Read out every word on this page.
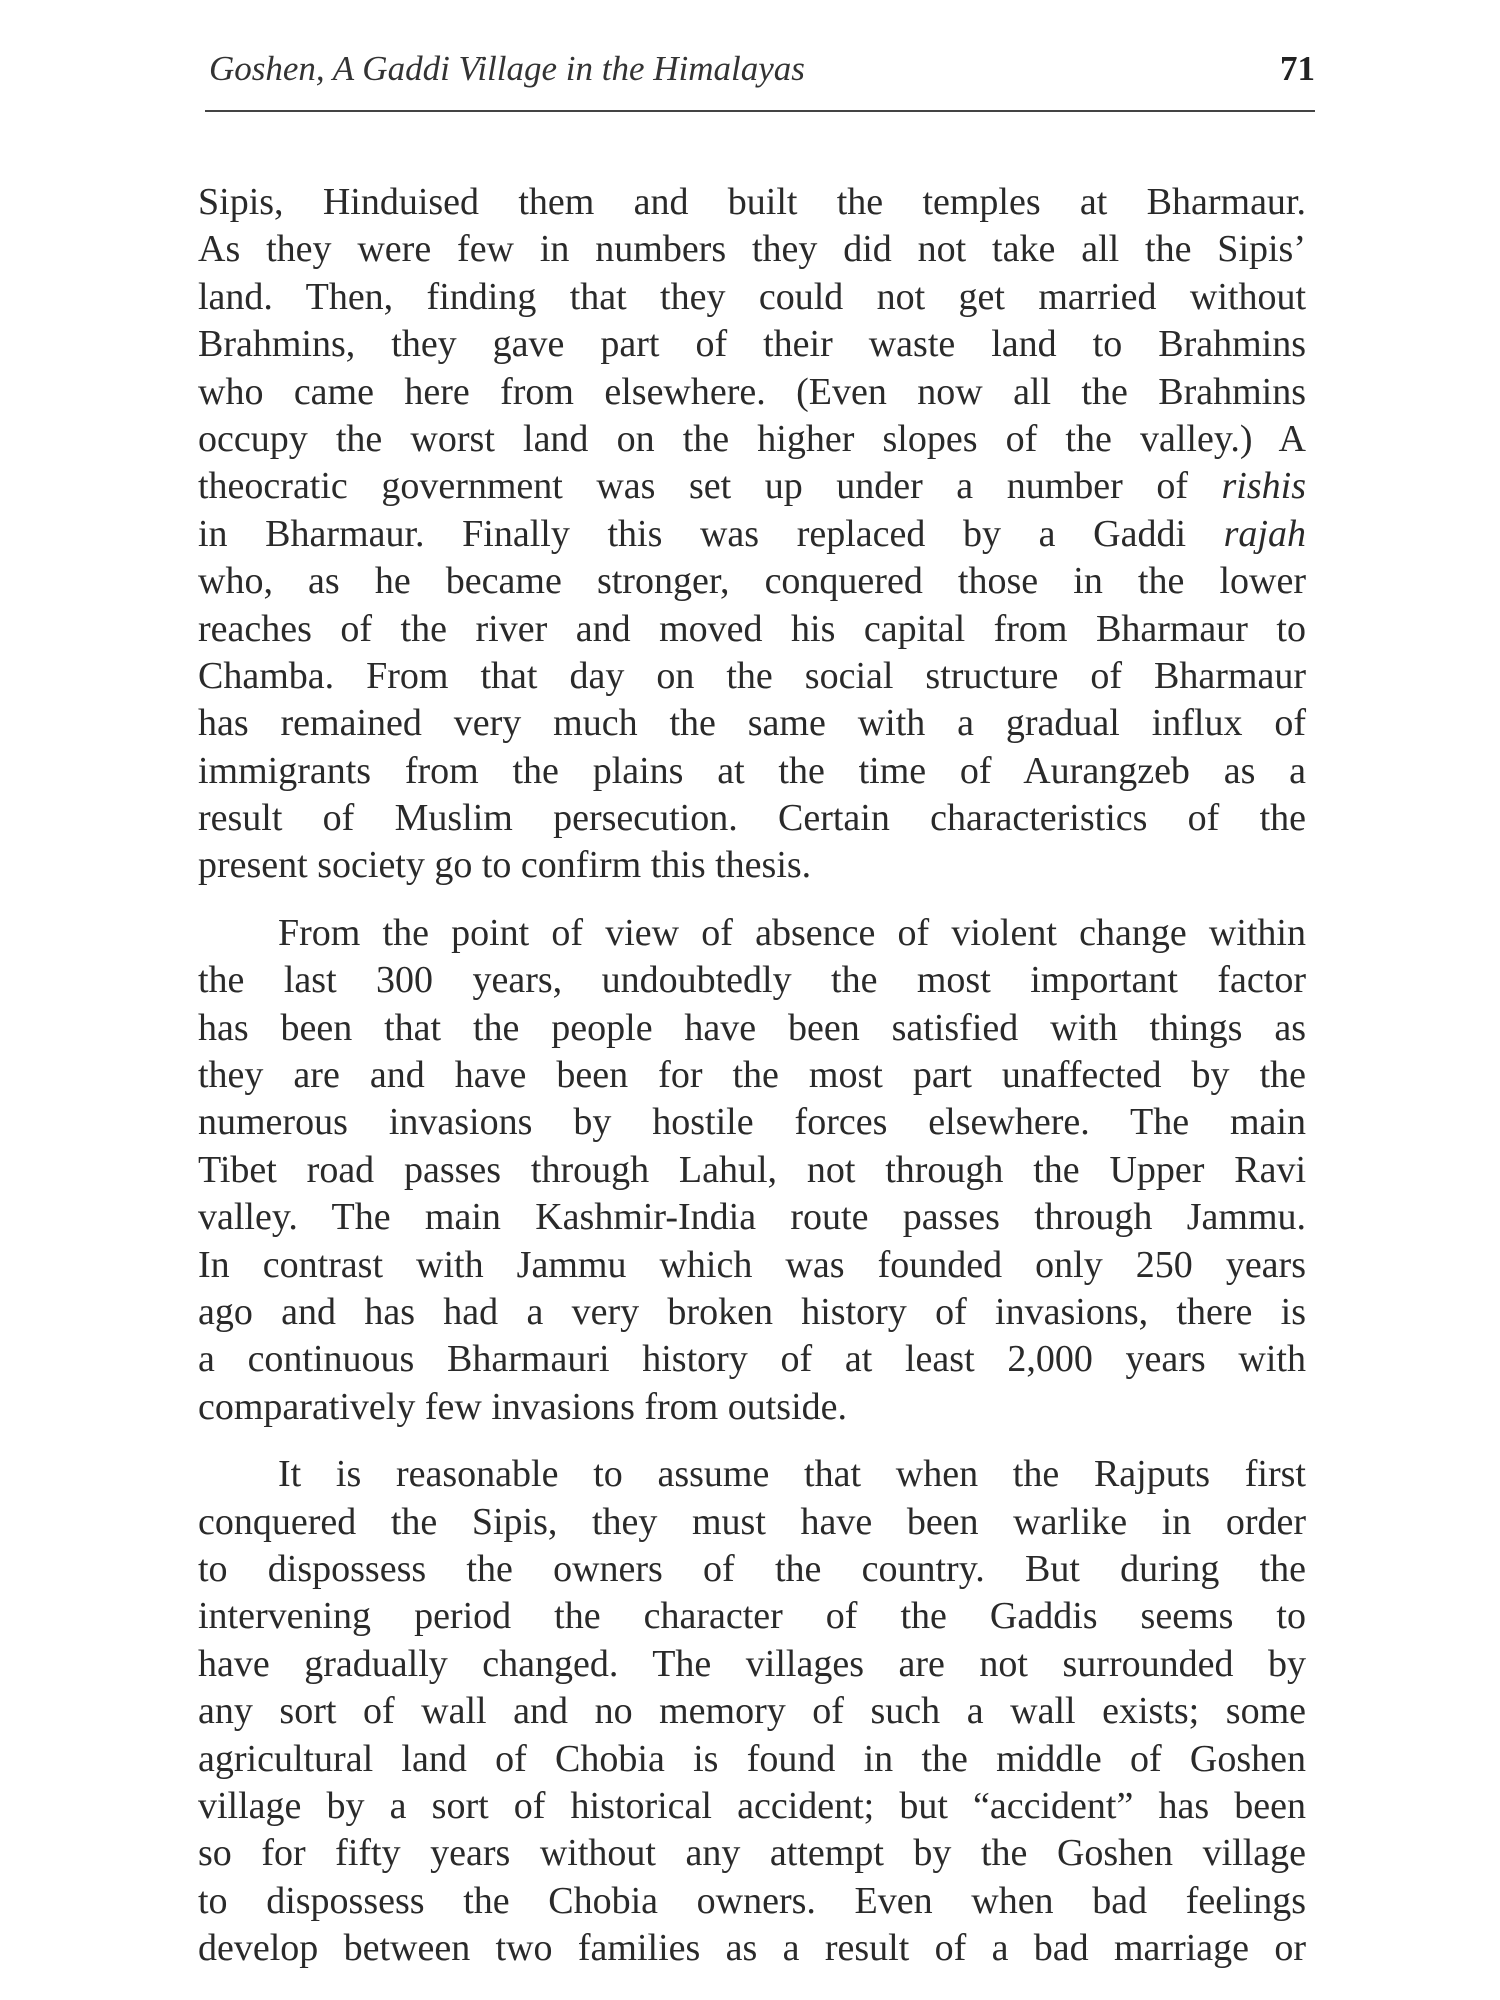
Goshen, A Gaddi Village in the Himalayas	71
Sipis, Hinduised them and built the temples at Bharmaur.
As they were few in numbers they did not take all the Sipis’
land. Then, finding that they could not get married without
Brahmins, they gave part of their waste land to Brahmins
who came here from elsewhere. (Even now all the Brahmins
occupy the worst land on the higher slopes of the valley.) A
theocratic government was set up under a number of rishis
in Bharmaur. Finally this was replaced by a Gaddi rajah
who, as he became stronger, conquered those in the lower
reaches of the river and moved his capital from Bharmaur to
Chamba. From that day on the social structure of Bharmaur
has remained very much the same with a gradual influx of
immigrants from the plains at the time of Aurangzeb as a
result of Muslim persecution. Certain characteristics of the
present society go to confirm this thesis.
From the point of view of absence of violent change within
the last 300 years, undoubtedly the most important factor
has been that the people have been satisfied with things as
they are and have been for the most part unaffected by the
numerous invasions by hostile forces elsewhere. The main
Tibet road passes through Lahul, not through the Upper Ravi
valley. The main Kashmir-India route passes through Jammu.
In contrast with Jammu which was founded only 250 years
ago and has had a very broken history of invasions, there is
a continuous Bharmauri history of at least 2,000 years with
comparatively few invasions from outside.
It is reasonable to assume that when the Rajputs first
conquered the Sipis, they must have been warlike in order
to dispossess the owners of the country. But during the
intervening period the character of the Gaddis seems to
have gradually changed. The villages are not surrounded by
any sort of wall and no memory of such a wall exists; some
agricultural land of Chobia is found in the middle of Goshen
village by a sort of historical accident; but “accident” has been
so for fifty years without any attempt by the Goshen village
to dispossess the Chobia owners. Even when bad feelings
develop between two families as a result of a bad marriage or
